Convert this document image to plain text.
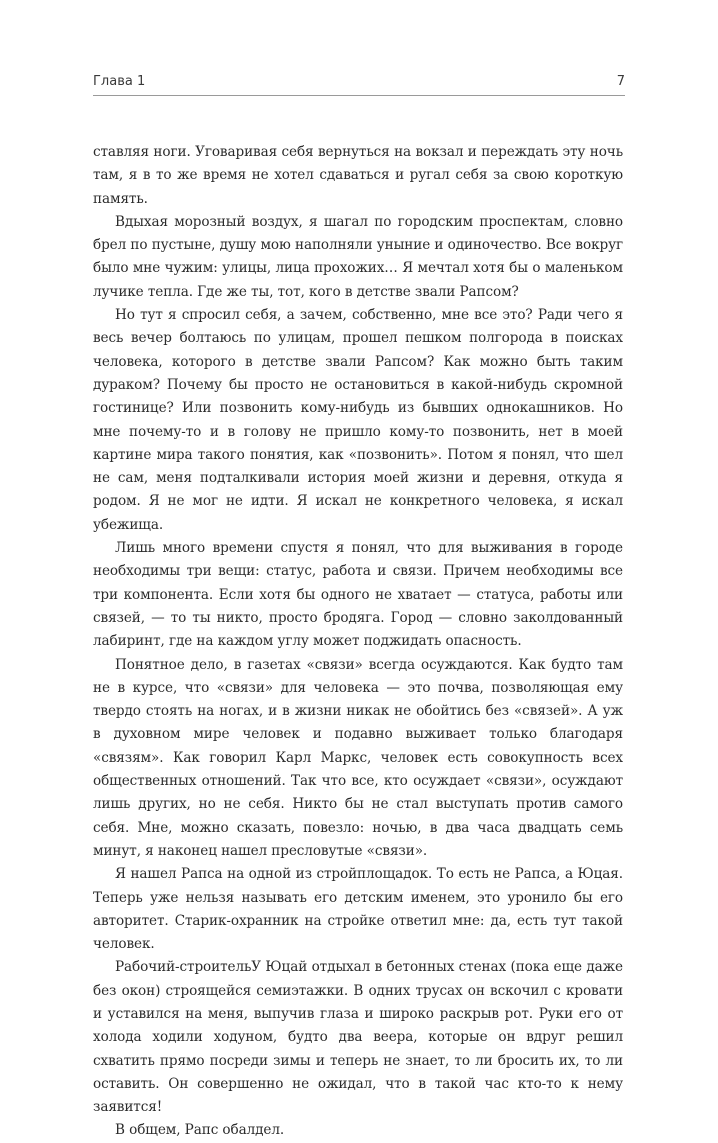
Глава 1	7

ставляя ноги. Уговаривая себя вернуться на вокзал и переждать эту ночь там, я в то же время не хотел сдаваться и ругал себя за свою короткую память.

Вдыхая морозный воздух, я шагал по городским проспектам, словно брел по пустыне, душу мою наполняли уныние и одиночество. Все вокруг было мне чужим: улицы, лица прохожих… Я мечтал хотя бы о маленьком лучике тепла. Где же ты, тот, кого в детстве звали Рапсом?

Но тут я спросил себя, а зачем, собственно, мне все это? Ради чего я весь вечер болтаюсь по улицам, прошел пешком полгорода в поисках человека, которого в детстве звали Рапсом? Как можно быть таким дураком? Почему бы просто не остановиться в какой-нибудь скромной гостинице? Или позвонить кому-нибудь из бывших однокашников. Но мне почему-то и в голову не пришло кому-то позвонить, нет в моей картине мира такого понятия, как «позвонить». Потом я понял, что шел не сам, меня подталкивали история моей жизни и деревня, откуда я родом. Я не мог не идти. Я искал не конкретного человека, я искал убежища.

Лишь много времени спустя я понял, что для выживания в городе необходимы три вещи: статус, работа и связи. Причем необходимы все три компонента. Если хотя бы одного не хватает — статуса, работы или связей, — то ты никто, просто бродяга. Город — словно заколдованный лабиринт, где на каждом углу может поджидать опасность.

Понятное дело, в газетах «связи» всегда осуждаются. Как будто там не в курсе, что «связи» для человека — это почва, позволяющая ему твердо стоять на ногах, и в жизни никак не обойтись без «связей». А уж в духовном мире человек и подавно выживает только благодаря «связям». Как говорил Карл Маркс, человек есть совокупность всех общественных отношений. Так что все, кто осуждает «связи», осуждают лишь других, но не себя. Никто бы не стал выступать против самого себя. Мне, можно сказать, повезло: ночью, в два часа двадцать семь минут, я наконец нашел пресловутые «связи».

Я нашел Рапса на одной из стройплощадок. То есть не Рапса, а Юцая. Теперь уже нельзя называть его детским именем, это уронило бы его авторитет. Старик-охранник на стройке ответил мне: да, есть тут такой человек.

Рабочий-строительУ Юцай отдыхал в бетонных стенах (пока еще даже без окон) строящейся семиэтажки. В одних трусах он вскочил с кровати и уставился на меня, выпучив глаза и широко раскрыв рот. Руки его от холода ходили ходуном, будто два веера, которые он вдруг решил схватить прямо посреди зимы и теперь не знает, то ли бросить их, то ли оставить. Он совершенно не ожидал, что в такой час кто-то к нему заявится!

В общем, Рапс обалдел.
